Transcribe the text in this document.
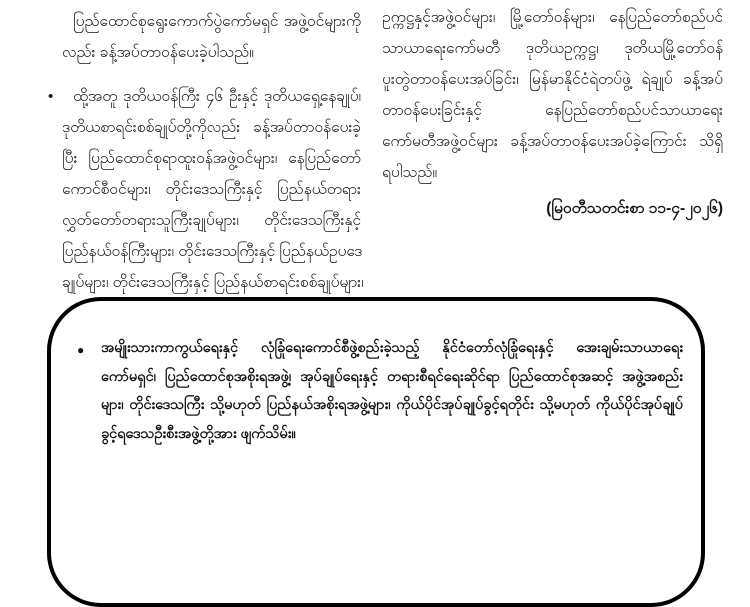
ပြည်ထောင်စုရွေးကောက်ပွဲကော်မရှင် အဖွဲ့ဝင်များကို
လည်း ခန့်အပ်တာဝန်ပေးခဲ့ပါသည်။
•	ထို့အတူ ဒုတိယဝန်ကြီး ၄၆ ဦးနှင့် ဒုတိယရှေ့နေချုပ်၊
ဒုတိယစာရင်းစစ်ချုပ်တို့ကိုလည်း ခန့်အပ်တာဝန်ပေးခဲ့
ပြီး ပြည်ထောင်စုရာထူးဝန်အဖွဲ့ဝင်များ၊ နေပြည်တော်
ကောင်စီဝင်များ၊ တိုင်းဒေသကြီးနှင့် ပြည်နယ်တရား
လွှတ်တော်တရားသူကြီးချုပ်များ၊ တိုင်းဒေသကြီးနှင့်
ပြည်နယ်ဝန်ကြီးများ၊ တိုင်းဒေသကြီးနှင့် ပြည်နယ်ဥပဒေ
ချုပ်များ၊ တိုင်းဒေသကြီးနှင့် ပြည်နယ်စာရင်းစစ်ချုပ်များ၊
ဥက္ကဋ္ဌနှင့်အဖွဲ့ဝင်များ၊ မြို့တော်ဝန်များ၊ နေပြည်တော်စည်ပင်
သာယာရေးကော်မတီ ဒုတိယဥက္ကဋ္ဌ၊ ဒုတိယမြို့တော်ဝန်
ပူးတွဲတာဝန်ပေးအပ်ခြင်း၊ မြန်မာနိုင်ငံရဲတပ်ဖွဲ့ ရဲချုပ် ခန့်အပ်
တာဝန်ပေးခြင်းနှင့် နေပြည်တော်စည်ပင်သာယာရေး
ကော်မတီအဖွဲ့ဝင်များ ခန့်အပ်တာဝန်ပေးအပ်ခဲ့ကြောင်း သိရှိ
ရပါသည်။
(မြဝတီသတင်းစာ ၁၁-၄-၂၀၂၆)
● အမျိုးသားကာကွယ်ရေးနှင့် လုံခြုံရေးကောင်စီဖွဲ့စည်းခဲ့သည့် နိုင်ငံတော်လုံခြုံရေးနှင့် အေးချမ်းသာယာရေး
ကော်မရှင်၊ ပြည်ထောင်စုအစိုးရအဖွဲ့၊ အုပ်ချုပ်ရေးနှင့် တရားစီရင်ရေးဆိုင်ရာ ပြည်ထောင်စုအဆင့် အဖွဲ့အစည်း
များ၊ တိုင်းဒေသကြီး သို့မဟုတ် ပြည်နယ်အစိုးရအဖွဲ့များ၊ ကိုယ်ပိုင်အုပ်ချုပ်ခွင့်ရတိုင်း သို့မဟုတ် ကိုယ်ပိုင်အုပ်ချုပ်
ခွင့်ရဒေသဦးစီးအဖွဲ့တို့အား ဖျက်သိမ်း။
